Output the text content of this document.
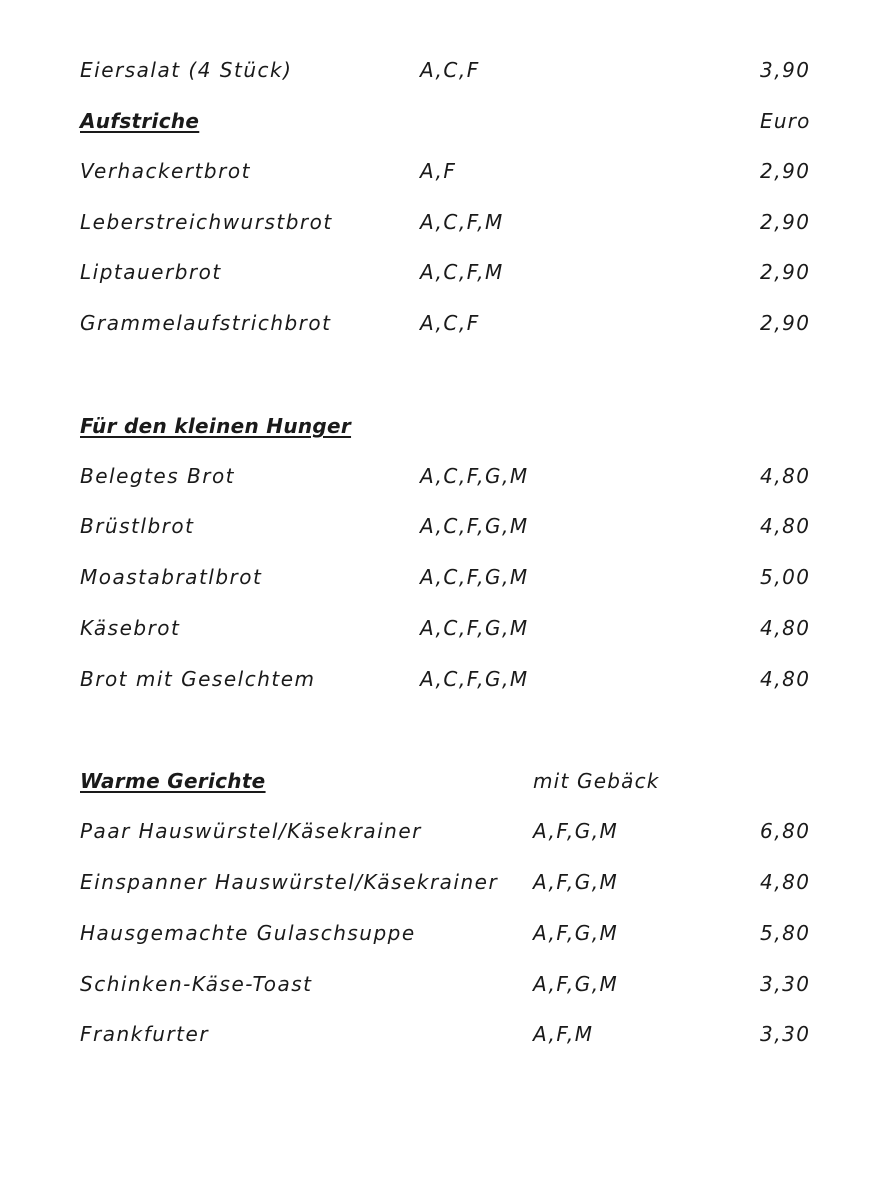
Eiersalat (4 Stück)	A,C,F	3,90
Aufstriche	Euro
Verhackertbrot	A,F	2,90
Leberstreichwurstbrot	A,C,F,M	2,90
Liptauerbrot	A,C,F,M	2,90
Grammelaufstrichbrot	A,C,F	2,90
Für den kleinen Hunger
Belegtes Brot	A,C,F,G,M	4,80
Brüstlbrot	A,C,F,G,M	4,80
Moastabratlbrot	A,C,F,G,M	5,00
Käsebrot	A,C,F,G,M	4,80
Brot mit Geselchtem	A,C,F,G,M	4,80
Warme Gerichte	mit Gebäck
Paar Hauswürstel/Käsekrainer	A,F,G,M	6,80
Einspanner Hauswürstel/Käsekrainer A,F,G,M	4,80
Hausgemachte Gulaschsuppe	A,F,G,M	5,80
Schinken-Käse-Toast	A,F,G,M	3,30
Frankfurter	A,F,M	3,30
